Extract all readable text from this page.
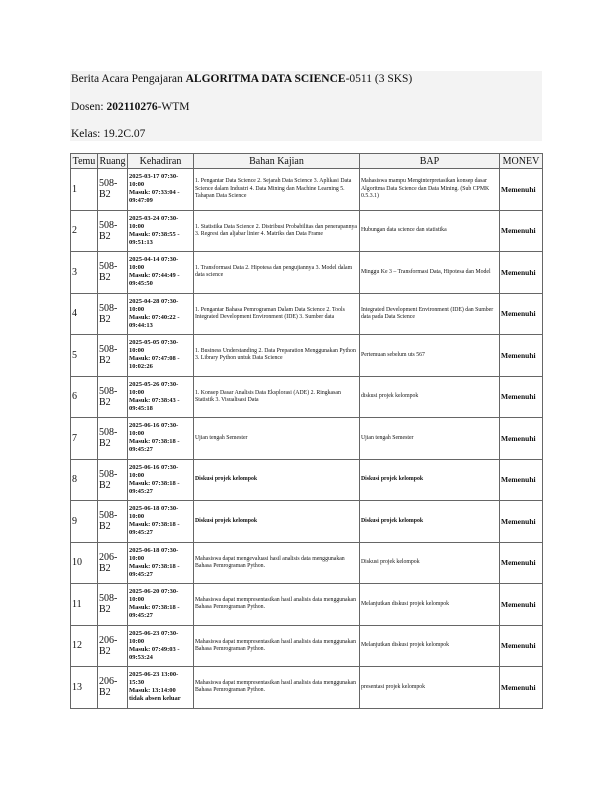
Berita Acara Pengajaran ALGORITMA DATA SCIENCE-0511 (3 SKS)
Dosen: 202110276-WTM
Kelas: 19.2C.07
Temu	Ruang	Kehadiran	Bahan Kajian	BAP	MONEV
1	508-B2	2025-03-17 07:30-10:00
Masuk: 07:33:04 - 09:47:09	1. Pengantar Data Science 2. Sejarah Data Science 3. Aplikasi Data Science dalam Industri 4. Data Mining dan Machine Learning 5. Tahapan Data Science	Mahasiswa mampu Menginterpretasikan konsep dasar Algoritma Data Science dan Data Mining. (Sub CPMK 0.5.3.1)	Memenuhi
2	508-B2	2025-03-24 07:30-10:00
Masuk: 07:38:55 - 09:51:13	1. Statistika Data Science 2. Distribusi Probabilitas dan penerapannya 3. Regresi dan aljabar linier 4. Matriks dan Data Frame	Hubungan data science dan statistika	Memenuhi
3	508-B2	2025-04-14 07:30-10:00
Masuk: 07:44:49 - 09:45:50	1. Transformasi Data 2. Hipotesa dan pengujiannya 3. Model dalam data science	Minggu Ke 3 – Transformasi Data, Hipotesa dan Model	Memenuhi
4	508-B2	2025-04-28 07:30-10:00
Masuk: 07:40:22 - 09:44:13	1. Pengantar Bahasa Pemrograman Dalam Data Science 2. Tools Integrated Development Environment (IDE) 3. Sumber data	Integrated Development Environment (IDE) dan Sumber data pada Data Science	Memenuhi
5	508-B2	2025-05-05 07:30-10:00
Masuk: 07:47:08 - 10:02:26	1. Business Understanding 2. Data Preparation Menggunakan Python 3. Library Python untuk Data Science	Pertemuan sebelum uts 567	Memenuhi
6	508-B2	2025-05-26 07:30-10:00
Masuk: 07:38:43 - 09:45:18	1. Konsep Dasar Analisis Data Eksplorasi (ADE) 2. Ringkasan Statistik 3. Visualisasi Data	diskusi projek kelompok	Memenuhi
7	508-B2	2025-06-16 07:30-10:00
Masuk: 07:38:18 - 09:45:27	Ujian tengah Semester	Ujian tengah Semester	Memenuhi
8	508-B2	2025-06-16 07:30-10:00
Masuk: 07:38:18 - 09:45:27	Diskusi projek kelompok	Diskusi projek kelompok	Memenuhi
9	508-B2	2025-06-18 07:30-10:00
Masuk: 07:38:18 - 09:45:27	Diskusi projek kelompok	Diskusi projek kelompok	Memenuhi
10	206-B2	2025-06-18 07:30-10:00
Masuk: 07:38:18 - 09:45:27	Mahasiswa dapat mengevaluasi hasil analisis data menggunakan Bahasa Pemrograman Python.	Diskusi projek kelompok	Memenuhi
11	508-B2	2025-06-20 07:30-10:00
Masuk: 07:38:18 - 09:45:27	Mahasiswa dapat mempresentasikan hasil analisis data menggunakan Bahasa Pemrograman Python.	Melanjutkan diskusi projek kelompok	Memenuhi
12	206-B2	2025-06-23 07:30-10:00
Masuk: 07:49:03 - 09:53:24	Mahasiswa dapat mempresentasikan hasil analisis data menggunakan Bahasa Pemrograman Python.	Melanjutkan diskusi projek kelompok	Memenuhi
13	206-B2	2025-06-23 13:00-15:30
Masuk: 13:14:00
tidak absen keluar	Mahasiswa dapat mempresentasikan hasil analisis data menggunakan Bahasa Pemrograman Python.	presentasi projek kelompok	Memenuhi
